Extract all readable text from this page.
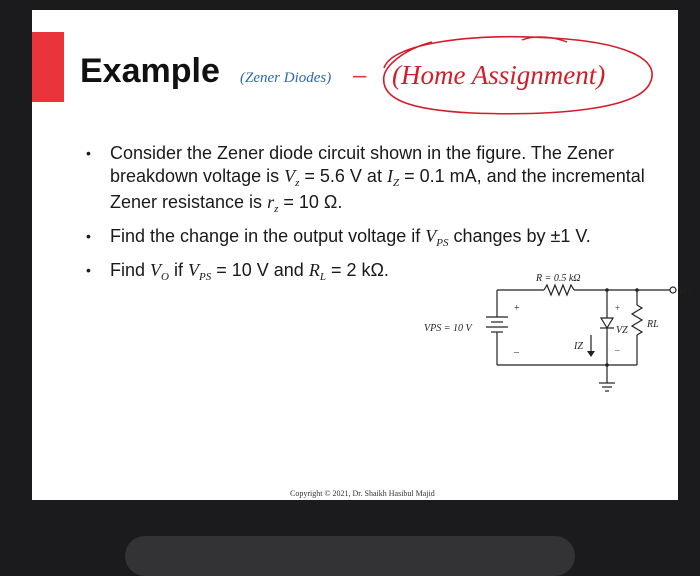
Example (Zener Diodes) – (Home Assignment)
• Consider the Zener diode circuit shown in the figure. The Zener breakdown voltage is $V_z = 5.6$ V at $I_Z = 0.1$ mA, and the incremental Zener resistance is $r_z = 10$ Ω.
• Find the change in the output voltage if $V_{PS}$ changes by ±1 V.
• Find $V_O$ if $V_{PS} = 10$ V and $R_L = 2$ kΩ.
+
–
+
–
R = 0.5 kΩ
VPS = 10 V
VO
VZ
IZ
RL
Copyright © 2021, Dr. Shaikh Hasibul Majid
